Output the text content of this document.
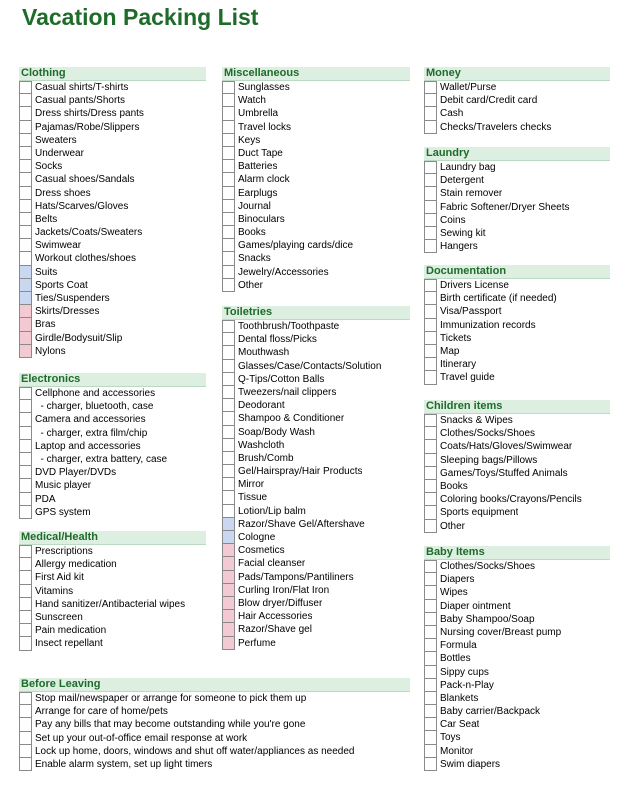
Vacation Packing List
Clothing
Casual shirts/T-shirts
Casual pants/Shorts
Dress shirts/Dress pants
Pajamas/Robe/Slippers
Sweaters
Underwear
Socks
Casual shoes/Sandals
Dress shoes
Hats/Scarves/Gloves
Belts
Jackets/Coats/Sweaters
Swimwear
Workout clothes/shoes
Suits
Sports Coat
Ties/Suspenders
Skirts/Dresses
Bras
Girdle/Bodysuit/Slip
Nylons
Electronics
Cellphone and accessories
- charger, bluetooth, case
Camera and accessories
- charger, extra film/chip
Laptop and accessories
- charger, extra battery, case
DVD Player/DVDs
Music player
PDA
GPS system
Medical/Health
Prescriptions
Allergy medication
First Aid kit
Vitamins
Hand sanitizer/Antibacterial wipes
Sunscreen
Pain medication
Insect repellant
Miscellaneous
Sunglasses
Watch
Umbrella
Travel locks
Keys
Duct Tape
Batteries
Alarm clock
Earplugs
Journal
Binoculars
Books
Games/playing cards/dice
Snacks
Jewelry/Accessories
Other
Toiletries
Toothbrush/Toothpaste
Dental floss/Picks
Mouthwash
Glasses/Case/Contacts/Solution
Q-Tips/Cotton Balls
Tweezers/nail clippers
Deodorant
Shampoo & Conditioner
Soap/Body Wash
Washcloth
Brush/Comb
Gel/Hairspray/Hair Products
Mirror
Tissue
Lotion/Lip balm
Razor/Shave Gel/Aftershave
Cologne
Cosmetics
Facial cleanser
Pads/Tampons/Pantiliners
Curling Iron/Flat Iron
Blow dryer/Diffuser
Hair Accessories
Razor/Shave gel
Perfume
Before Leaving
Stop mail/newspaper or arrange for someone to pick them up
Arrange for care of home/pets
Pay any bills that may become outstanding while you're gone
Set up your out-of-office email response at work
Lock up home, doors, windows and shut off water/appliances as needed
Enable alarm system, set up light timers
Money
Wallet/Purse
Debit card/Credit card
Cash
Checks/Travelers checks
Laundry
Laundry bag
Detergent
Stain remover
Fabric Softener/Dryer Sheets
Coins
Sewing kit
Hangers
Documentation
Drivers License
Birth certificate (if needed)
Visa/Passport
Immunization records
Tickets
Map
Itinerary
Travel guide
Children items
Snacks & Wipes
Clothes/Socks/Shoes
Coats/Hats/Gloves/Swimwear
Sleeping bags/Pillows
Games/Toys/Stuffed Animals
Books
Coloring books/Crayons/Pencils
Sports equipment
Other
Baby Items
Clothes/Socks/Shoes
Diapers
Wipes
Diaper ointment
Baby Shampoo/Soap
Nursing cover/Breast pump
Formula
Bottles
Sippy cups
Pack-n-Play
Blankets
Baby carrier/Backpack
Car Seat
Toys
Monitor
Swim diapers
